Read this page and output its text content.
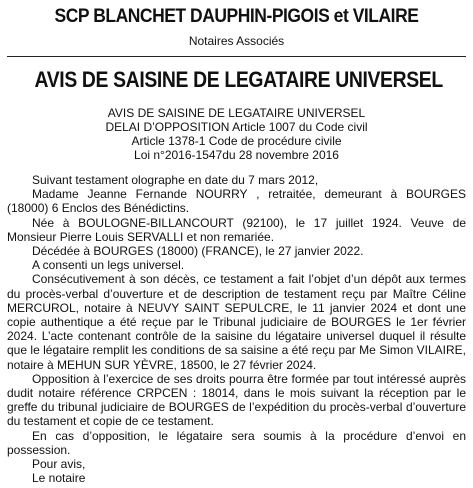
SCP BLANCHET DAUPHIN-PIGOIS et VILAIRE
Notaires Associés
AVIS DE SAISINE DE LEGATAIRE UNIVERSEL
AVIS DE SAISINE DE LEGATAIRE UNIVERSEL
DELAI D’OPPOSITION Article 1007 du Code civil
Article 1378-1 Code de procédure civile
Loi n°2016-1547du 28 novembre 2016

Suivant testament olographe en date du 7 mars 2012,

Madame Jeanne Fernande NOURRY , retraitée, demeurant à BOURGES (18000) 6 Enclos des Bénédictins.

Née à BOULOGNE-BILLANCOURT (92100), le 17 juillet 1924. Veuve de Monsieur Pierre Louis SERVALLI et non remariée.

Décédée à BOURGES (18000) (FRANCE), le 27 janvier 2022.

A consenti un legs universel.

Consécutivement à son décès, ce testament a fait l’objet d’un dépôt aux termes du procès-verbal d’ouverture et de description de testament reçu par Maître Céline MERCUROL, notaire à NEUVY SAINT SEPULCRE, le 11 janvier 2024 et dont une copie authentique a été reçue par le Tribunal judiciaire de BOURGES le 1er février 2024. L’acte contenant contrôle de la saisine du légataire universel duquel il résulte que le légataire remplit les conditions de sa saisine a été reçu par Me Simon VILAIRE, notaire à MEHUN SUR YÈVRE, 18500, le 27 février 2024.

Opposition à l’exercice de ses droits pourra être formée par tout intéressé auprès dudit notaire référence CRPCEN : 18014, dans le mois suivant la réception par le greffe du tribunal judiciaire de BOURGES de l’expédition du procès-verbal d’ouverture du testament et copie de ce testament.

En cas d’opposition, le légataire sera soumis à la procédure d’envoi en possession.

Pour avis,

Le notaire
